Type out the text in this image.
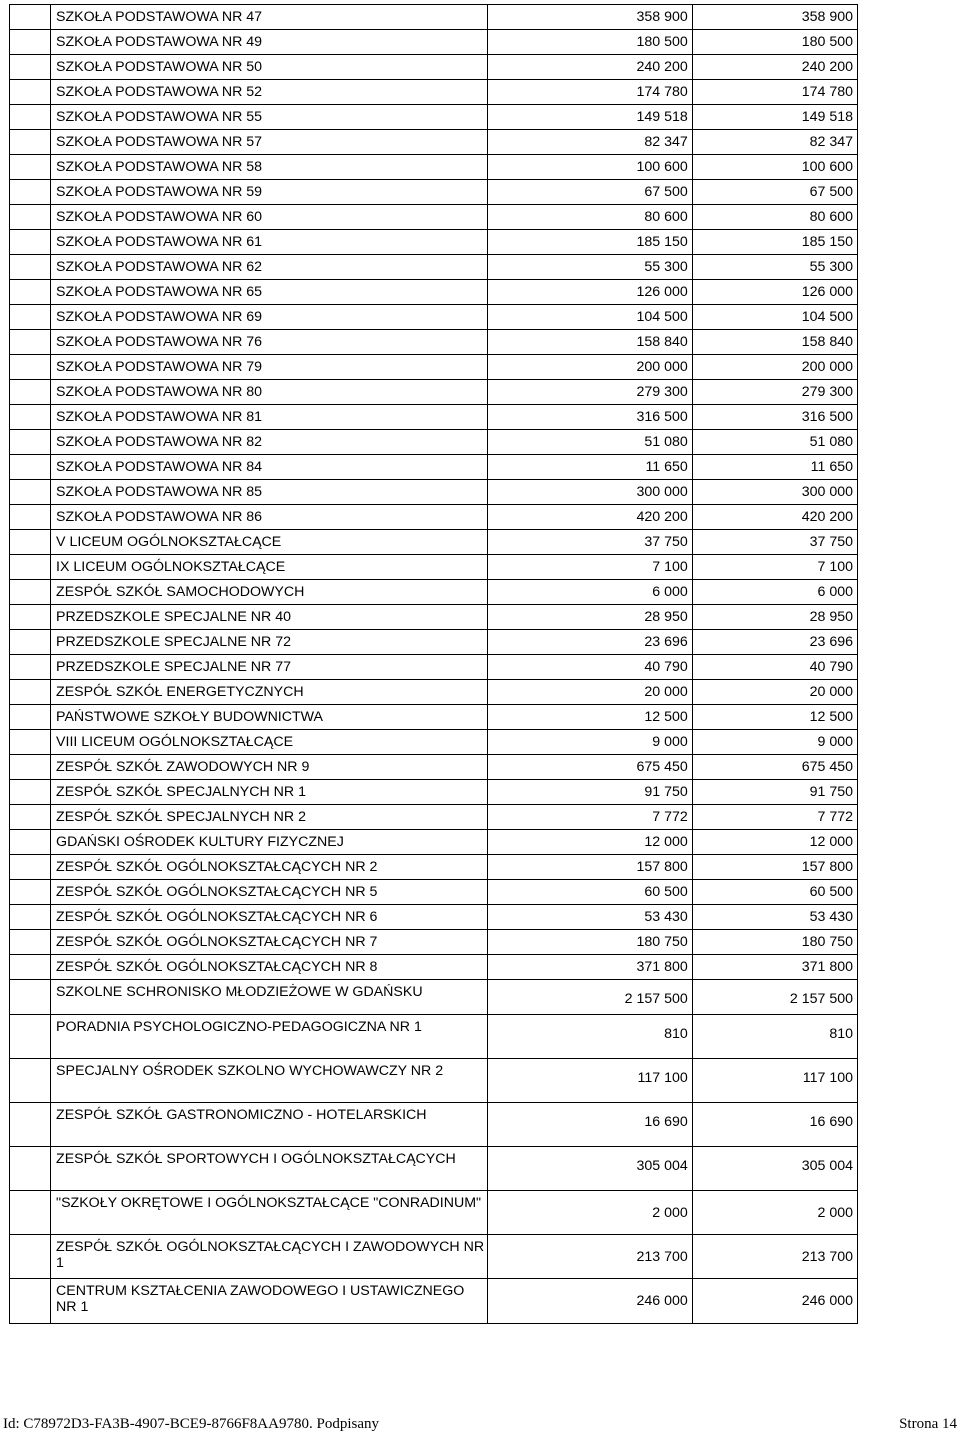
	SZKOŁA PODSTAWOWA NR 47	358 900	358 900
	SZKOŁA PODSTAWOWA NR 49	180 500	180 500
	SZKOŁA PODSTAWOWA NR 50	240 200	240 200
	SZKOŁA PODSTAWOWA NR 52	174 780	174 780
	SZKOŁA PODSTAWOWA NR 55	149 518	149 518
	SZKOŁA PODSTAWOWA NR 57	82 347	82 347
	SZKOŁA PODSTAWOWA NR 58	100 600	100 600
	SZKOŁA PODSTAWOWA NR 59	67 500	67 500
	SZKOŁA PODSTAWOWA NR 60	80 600	80 600
	SZKOŁA PODSTAWOWA NR 61	185 150	185 150
	SZKOŁA PODSTAWOWA NR 62	55 300	55 300
	SZKOŁA PODSTAWOWA NR 65	126 000	126 000
	SZKOŁA PODSTAWOWA NR 69	104 500	104 500
	SZKOŁA PODSTAWOWA NR 76	158 840	158 840
	SZKOŁA PODSTAWOWA NR 79	200 000	200 000
	SZKOŁA PODSTAWOWA NR 80	279 300	279 300
	SZKOŁA PODSTAWOWA NR 81	316 500	316 500
	SZKOŁA PODSTAWOWA NR 82	51 080	51 080
	SZKOŁA PODSTAWOWA NR 84	11 650	11 650
	SZKOŁA PODSTAWOWA NR 85	300 000	300 000
	SZKOŁA PODSTAWOWA NR 86	420 200	420 200
	V LICEUM OGÓLNOKSZTAŁCĄCE	37 750	37 750
	IX LICEUM OGÓLNOKSZTAŁCĄCE	7 100	7 100
	ZESPÓŁ SZKÓŁ SAMOCHODOWYCH	6 000	6 000
	PRZEDSZKOLE SPECJALNE NR 40	28 950	28 950
	PRZEDSZKOLE SPECJALNE NR 72	23 696	23 696
	PRZEDSZKOLE SPECJALNE NR 77	40 790	40 790
	ZESPÓŁ SZKÓŁ ENERGETYCZNYCH	20 000	20 000
	PAŃSTWOWE SZKOŁY BUDOWNICTWA	12 500	12 500
	VIII LICEUM OGÓLNOKSZTAŁCĄCE	9 000	9 000
	ZESPÓŁ SZKÓŁ ZAWODOWYCH NR 9	675 450	675 450
	ZESPÓŁ SZKÓŁ SPECJALNYCH NR 1	91 750	91 750
	ZESPÓŁ SZKÓŁ SPECJALNYCH NR 2	7 772	7 772
	GDAŃSKI OŚRODEK KULTURY FIZYCZNEJ	12 000	12 000
	ZESPÓŁ SZKÓŁ OGÓLNOKSZTAŁCĄCYCH NR 2	157 800	157 800
	ZESPÓŁ SZKÓŁ OGÓLNOKSZTAŁCĄCYCH NR 5	60 500	60 500
	ZESPÓŁ SZKÓŁ OGÓLNOKSZTAŁCĄCYCH NR 6	53 430	53 430
	ZESPÓŁ SZKÓŁ OGÓLNOKSZTAŁCĄCYCH NR 7	180 750	180 750
	ZESPÓŁ SZKÓŁ OGÓLNOKSZTAŁCĄCYCH NR 8	371 800	371 800
	SZKOLNE SCHRONISKO MŁODZIEŻOWE W GDAŃSKU	2 157 500	2 157 500
	PORADNIA PSYCHOLOGICZNO-PEDAGOGICZNA NR 1	810	810
	SPECJALNY OŚRODEK SZKOLNO WYCHOWAWCZY NR 2	117 100	117 100
	ZESPÓŁ SZKÓŁ GASTRONOMICZNO - HOTELARSKICH	16 690	16 690
	ZESPÓŁ SZKÓŁ SPORTOWYCH I OGÓLNOKSZTAŁCĄCYCH	305 004	305 004
	"SZKOŁY OKRĘTOWE I OGÓLNOKSZTAŁCĄCE "CONRADINUM"	2 000	2 000
	ZESPÓŁ SZKÓŁ OGÓLNOKSZTAŁCĄCYCH I ZAWODOWYCH NR 1	213 700	213 700
	CENTRUM KSZTAŁCENIA ZAWODOWEGO I USTAWICZNEGO NR 1	246 000	246 000
Id: C78972D3-FA3B-4907-BCE9-8766F8AA9780. Podpisany	Strona 14
